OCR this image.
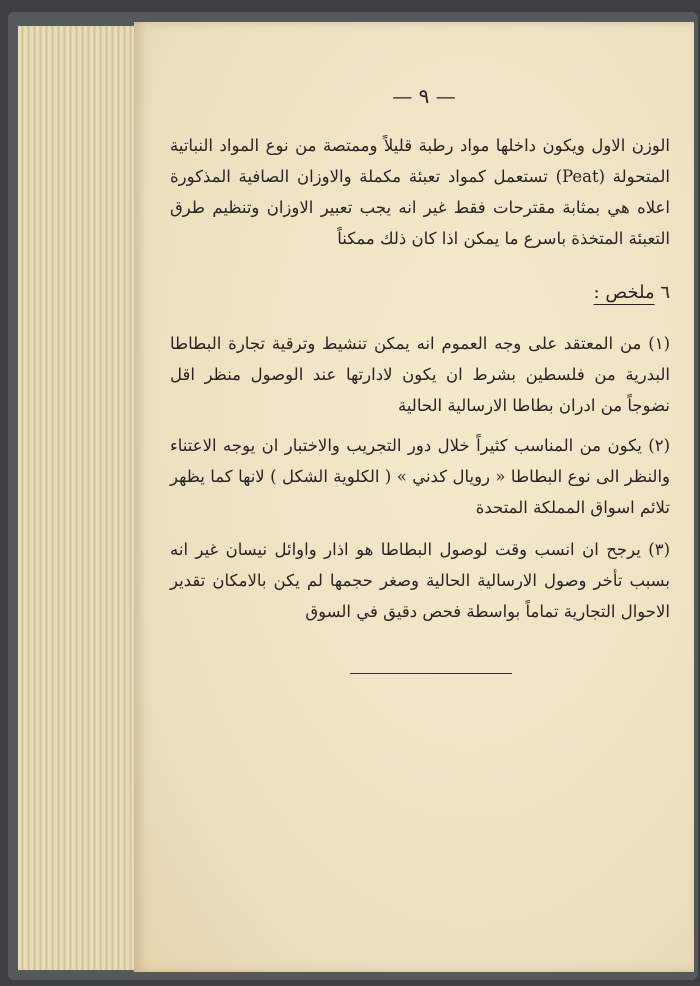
— ٩ —
الوزن الاول ويكون داخلها مواد رطبة قليلاً وممتصة من نوع المواد النباتية المتحولة (Peat) تستعمل كمواد تعبئة مكملة والاوزان الصافية المذكورة اعلاه هي بمثابة مقترحات فقط غير انه يجب تعبير الاوزان وتنظيم طرق التعبئة المتخذة باسرع ما يمكن اذا كان ذلك ممكناً
٦ ملخص :
(١) من المعتقد على وجه العموم انه يمكن تنشيط وترقية تجارة البطاطا البدرية من فلسطين بشرط ان يكون لادارتها عند الوصول منظر اقل نضوجاً من ادران بطاطا الارسالية الحالية
(٢) يكون من المناسب كثيراً خلال دور التجريب والاختبار ان يوجه الاعتناء والنظر الى نوع البطاطا « رويال كدني » ( الكلوية الشكل ) لانها كما يظهر تلائم اسواق المملكة المتحدة
(٣) يرجح ان انسب وقت لوصول البطاطا هو اذار واوائل نيسان غير انه بسبب تأخر وصول الارسالية الحالية وصغر حجمها لم يكن بالامكان تقدير الاحوال التجارية تماماً بواسطة فحص دقيق في السوق
